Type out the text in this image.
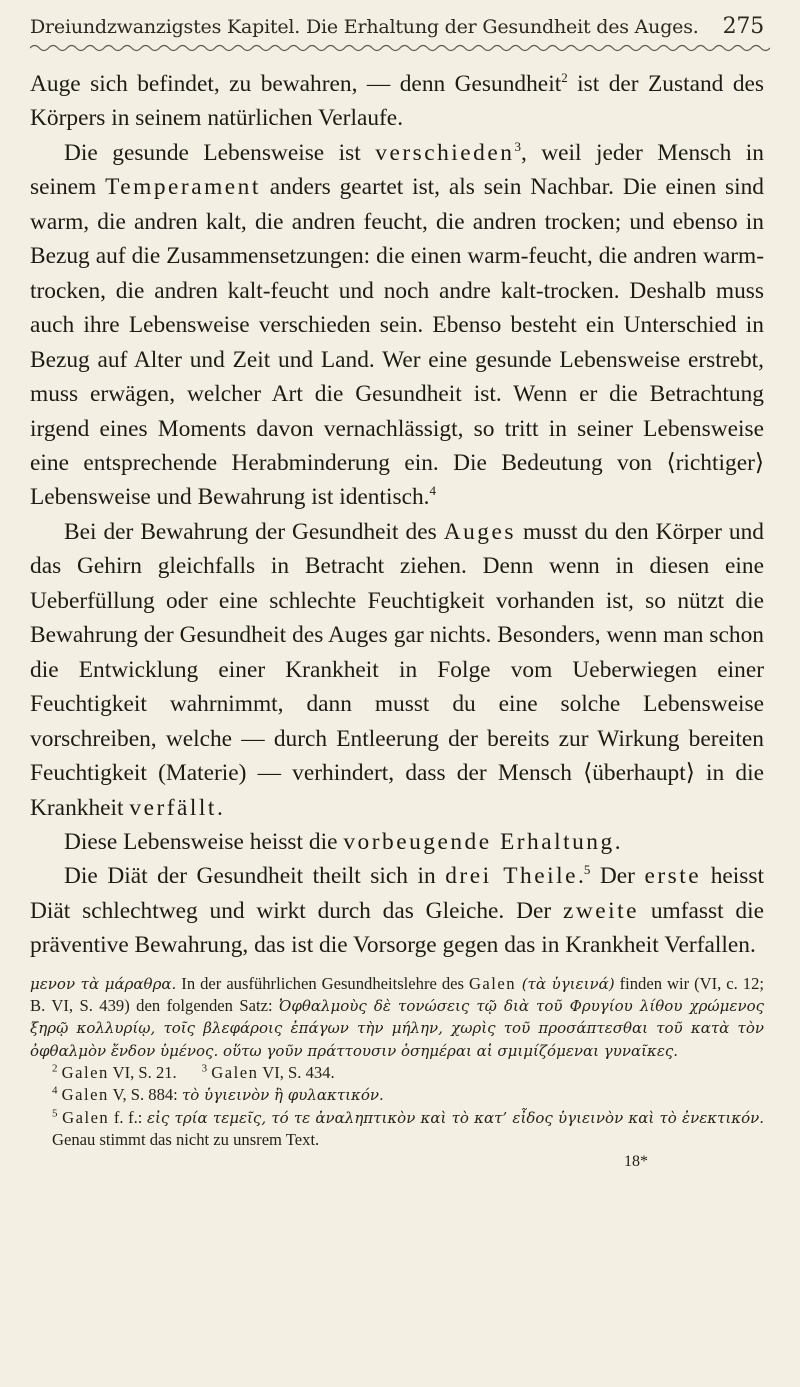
Dreiundzwanzigstes Kapitel. Die Erhaltung der Gesundheit des Auges. 275

Auge sich befindet, zu bewahren, — denn Gesundheit$^2$ ist der Zustand des Körpers in seinem natürlichen Verlaufe.

Die gesunde Lebensweise ist verschieden$^3$, weil jeder Mensch in seinem Temperament anders geartet ist, als sein Nachbar. Die einen sind warm, die andren kalt, die andren feucht, die andren trocken; und ebenso in Bezug auf die Zusammensetzungen: die einen warm-feucht, die andren warm-trocken, die andren kalt-feucht und noch andre kalt-trocken. Deshalb muss auch ihre Lebensweise verschieden sein. Ebenso besteht ein Unterschied in Bezug auf Alter und Zeit und Land. Wer eine gesunde Lebensweise erstrebt, muss erwägen, welcher Art die Gesundheit ist. Wenn er die Betrachtung irgend eines Moments davon vernachlässigt, so tritt in seiner Lebensweise eine entsprechende Herabminderung ein. Die Bedeutung von ⟨richtiger⟩ Lebensweise und Bewahrung ist identisch.$^4$

Bei der Bewahrung der Gesundheit des Auges musst du den Körper und das Gehirn gleichfalls in Betracht ziehen. Denn wenn in diesen eine Ueberfüllung oder eine schlechte Feuchtigkeit vorhanden ist, so nützt die Bewahrung der Gesundheit des Auges gar nichts. Besonders, wenn man schon die Entwicklung einer Krankheit in Folge vom Ueberwiegen einer Feuchtigkeit wahrnimmt, dann musst du eine solche Lebensweise vorschreiben, welche — durch Entleerung der bereits zur Wirkung bereiten Feuchtigkeit (Materie) — verhindert, dass der Mensch ⟨überhaupt⟩ in die Krankheit verfällt.

Diese Lebensweise heisst die vorbeugende Erhaltung.

Die Diät der Gesundheit theilt sich in drei Theile.$^5$ Der erste heisst Diät schlechtweg und wirkt durch das Gleiche. Der zweite umfasst die präventive Bewahrung, das ist die Vorsorge gegen das in Krankheit Verfallen.

μενον τὰ μάραθρα. In der ausführlichen Gesundheitslehre des Galen (τὰ ὑγιεινά) finden wir (VI, c. 12; B. VI, S. 439) den folgenden Satz: Ὀφθαλμοὺς δὲ τονώσεις τῷ διὰ τοῦ Φρυγίου λίθου χρώμενος ξηρῷ κολλυρίῳ, τοῖς βλεφάροις ἐπάγων τὴν μήλην, χωρὶς τοῦ προσάπτεσθαι τοῦ κατὰ τὸν ὀφθαλμὸν ἔνδον ὑμένος. οὕτω γοῦν πράττουσιν ὁσημέραι αἱ σμιμίζόμεναι γυναῖκες.

$^2$ Galen VI, S. 21. $^3$ Galen VI, S. 434.

$^4$ Galen V, S. 884: τὸ ὑγιεινὸν ἢ φυλακτικόν.

$^5$ Galen f. f.: εἰς τρία τεμεῖς, τό τε ἀναληπτικὸν καὶ τὸ κατ’ εἶδος ὑγιεινὸν καὶ τὸ ἐνεκτικόν. Genau stimmt das nicht zu unsrem Text.

18*
